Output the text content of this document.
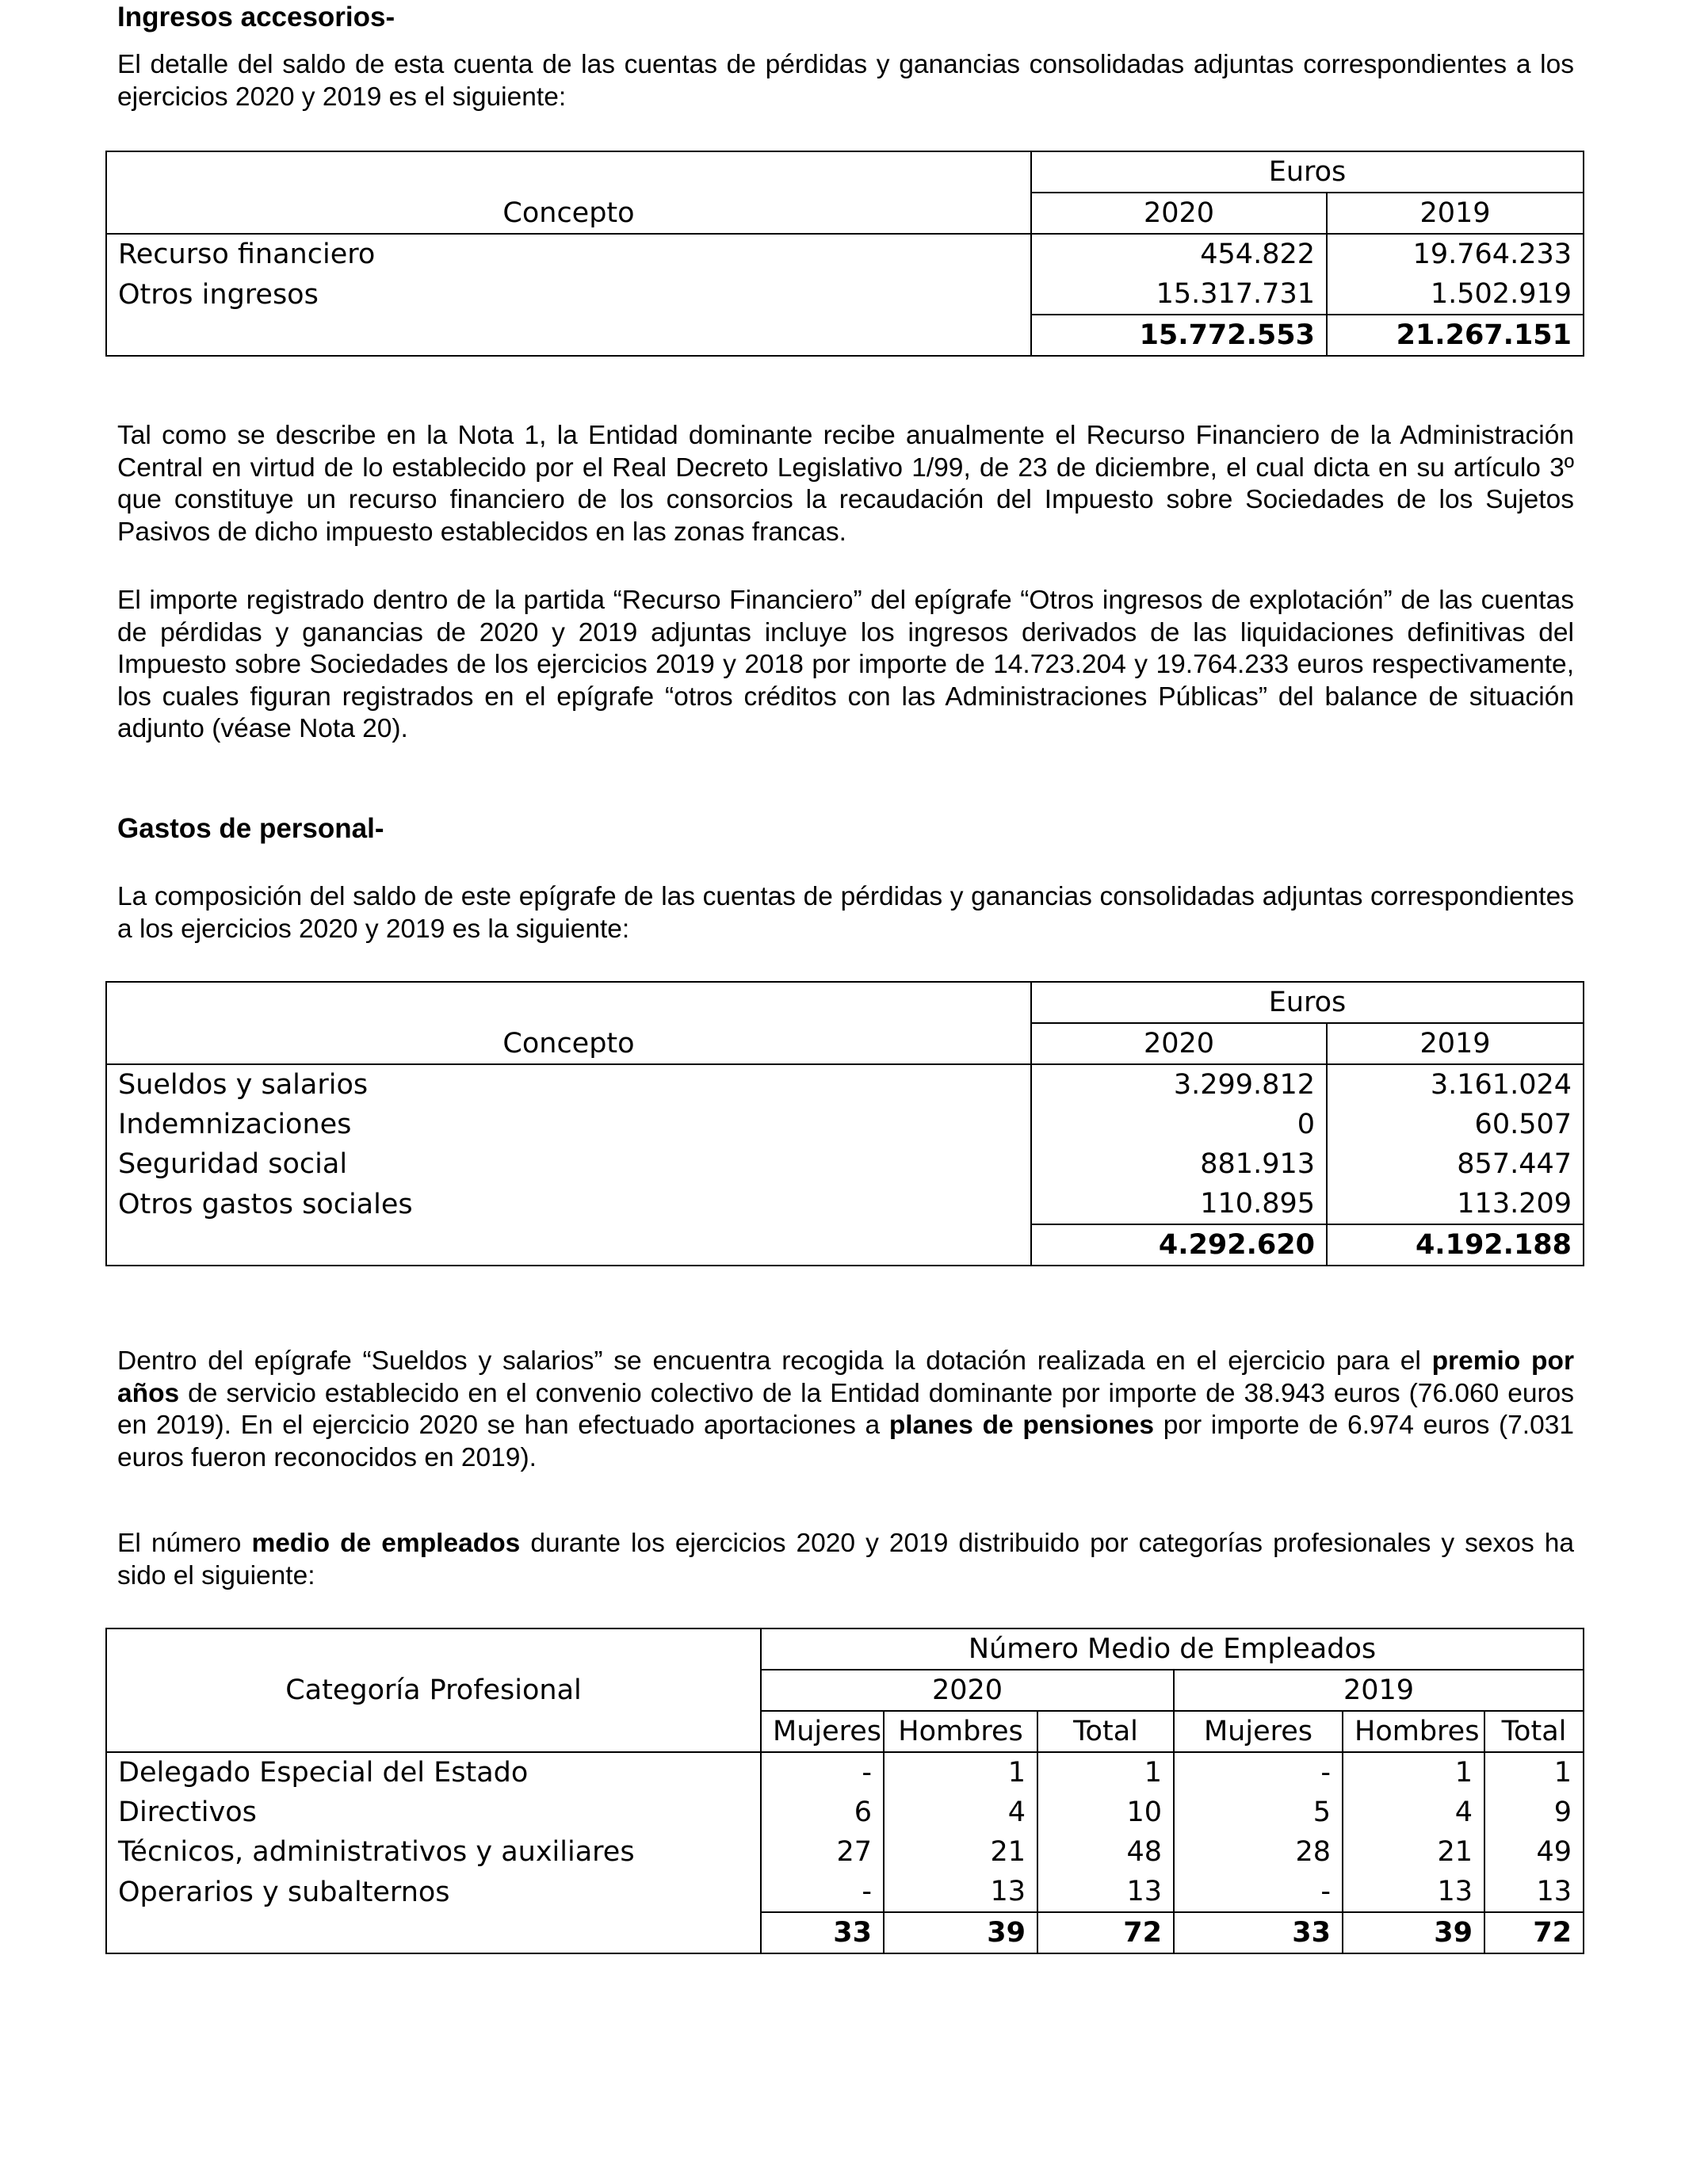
Ingresos accesorios-

El detalle del saldo de esta cuenta de las cuentas de pérdidas y ganancias consolidadas adjuntas correspondientes a los ejercicios 2020 y 2019 es el siguiente:

Concepto	Euros	
	2020	2019
Recurso financiero	454.822	19.764.233
Otros ingresos	15.317.731	1.502.919
	15.772.553	21.267.151

Tal como se describe en la Nota 1, la Entidad dominante recibe anualmente el Recurso Financiero de la Administración Central en virtud de lo establecido por el Real Decreto Legislativo 1/99, de 23 de diciembre, el cual dicta en su artículo 3º que constituye un recurso financiero de los consorcios la recaudación del Impuesto sobre Sociedades de los Sujetos Pasivos de dicho impuesto establecidos en las zonas francas.

El importe registrado dentro de la partida “Recurso Financiero” del epígrafe “Otros ingresos de explotación” de las cuentas de pérdidas y ganancias de 2020 y 2019 adjuntas incluye los ingresos derivados de las liquidaciones definitivas del Impuesto sobre Sociedades de los ejercicios 2019 y 2018 por importe de 14.723.204 y 19.764.233 euros respectivamente, los cuales figuran registrados en el epígrafe “otros créditos con las Administraciones Públicas” del balance de situación adjunto (véase Nota 20).

Gastos de personal-

La composición del saldo de este epígrafe de las cuentas de pérdidas y ganancias consolidadas adjuntas correspondientes a los ejercicios 2020 y 2019 es la siguiente:

Concepto	Euros	
	2020	2019
Sueldos y salarios	3.299.812	3.161.024
Indemnizaciones	0	60.507
Seguridad social	881.913	857.447
Otros gastos sociales	110.895	113.209
	4.292.620	4.192.188

Dentro del epígrafe “Sueldos y salarios” se encuentra recogida la dotación realizada en el ejercicio para el premio por años de servicio establecido en el convenio colectivo de la Entidad dominante por importe de 38.943 euros (76.060 euros en 2019). En el ejercicio 2020 se han efectuado aportaciones a planes de pensiones por importe de 6.974 euros (7.031 euros fueron reconocidos en 2019).

El número medio de empleados durante los ejercicios 2020 y 2019 distribuido por categorías profesionales y sexos ha sido el siguiente:

Categoría Profesional	Número Medio de Empleados					
	2020			2019		
	Mujeres	Hombres	Total	Mujeres	Hombres	Total
Delegado Especial del Estado	-	1	1	-	1	1
Directivos	6	4	10	5	4	9
Técnicos, administrativos y auxiliares	27	21	48	28	21	49
Operarios y subalternos	-	13	13	-	13	13
	33	39	72	33	39	72
